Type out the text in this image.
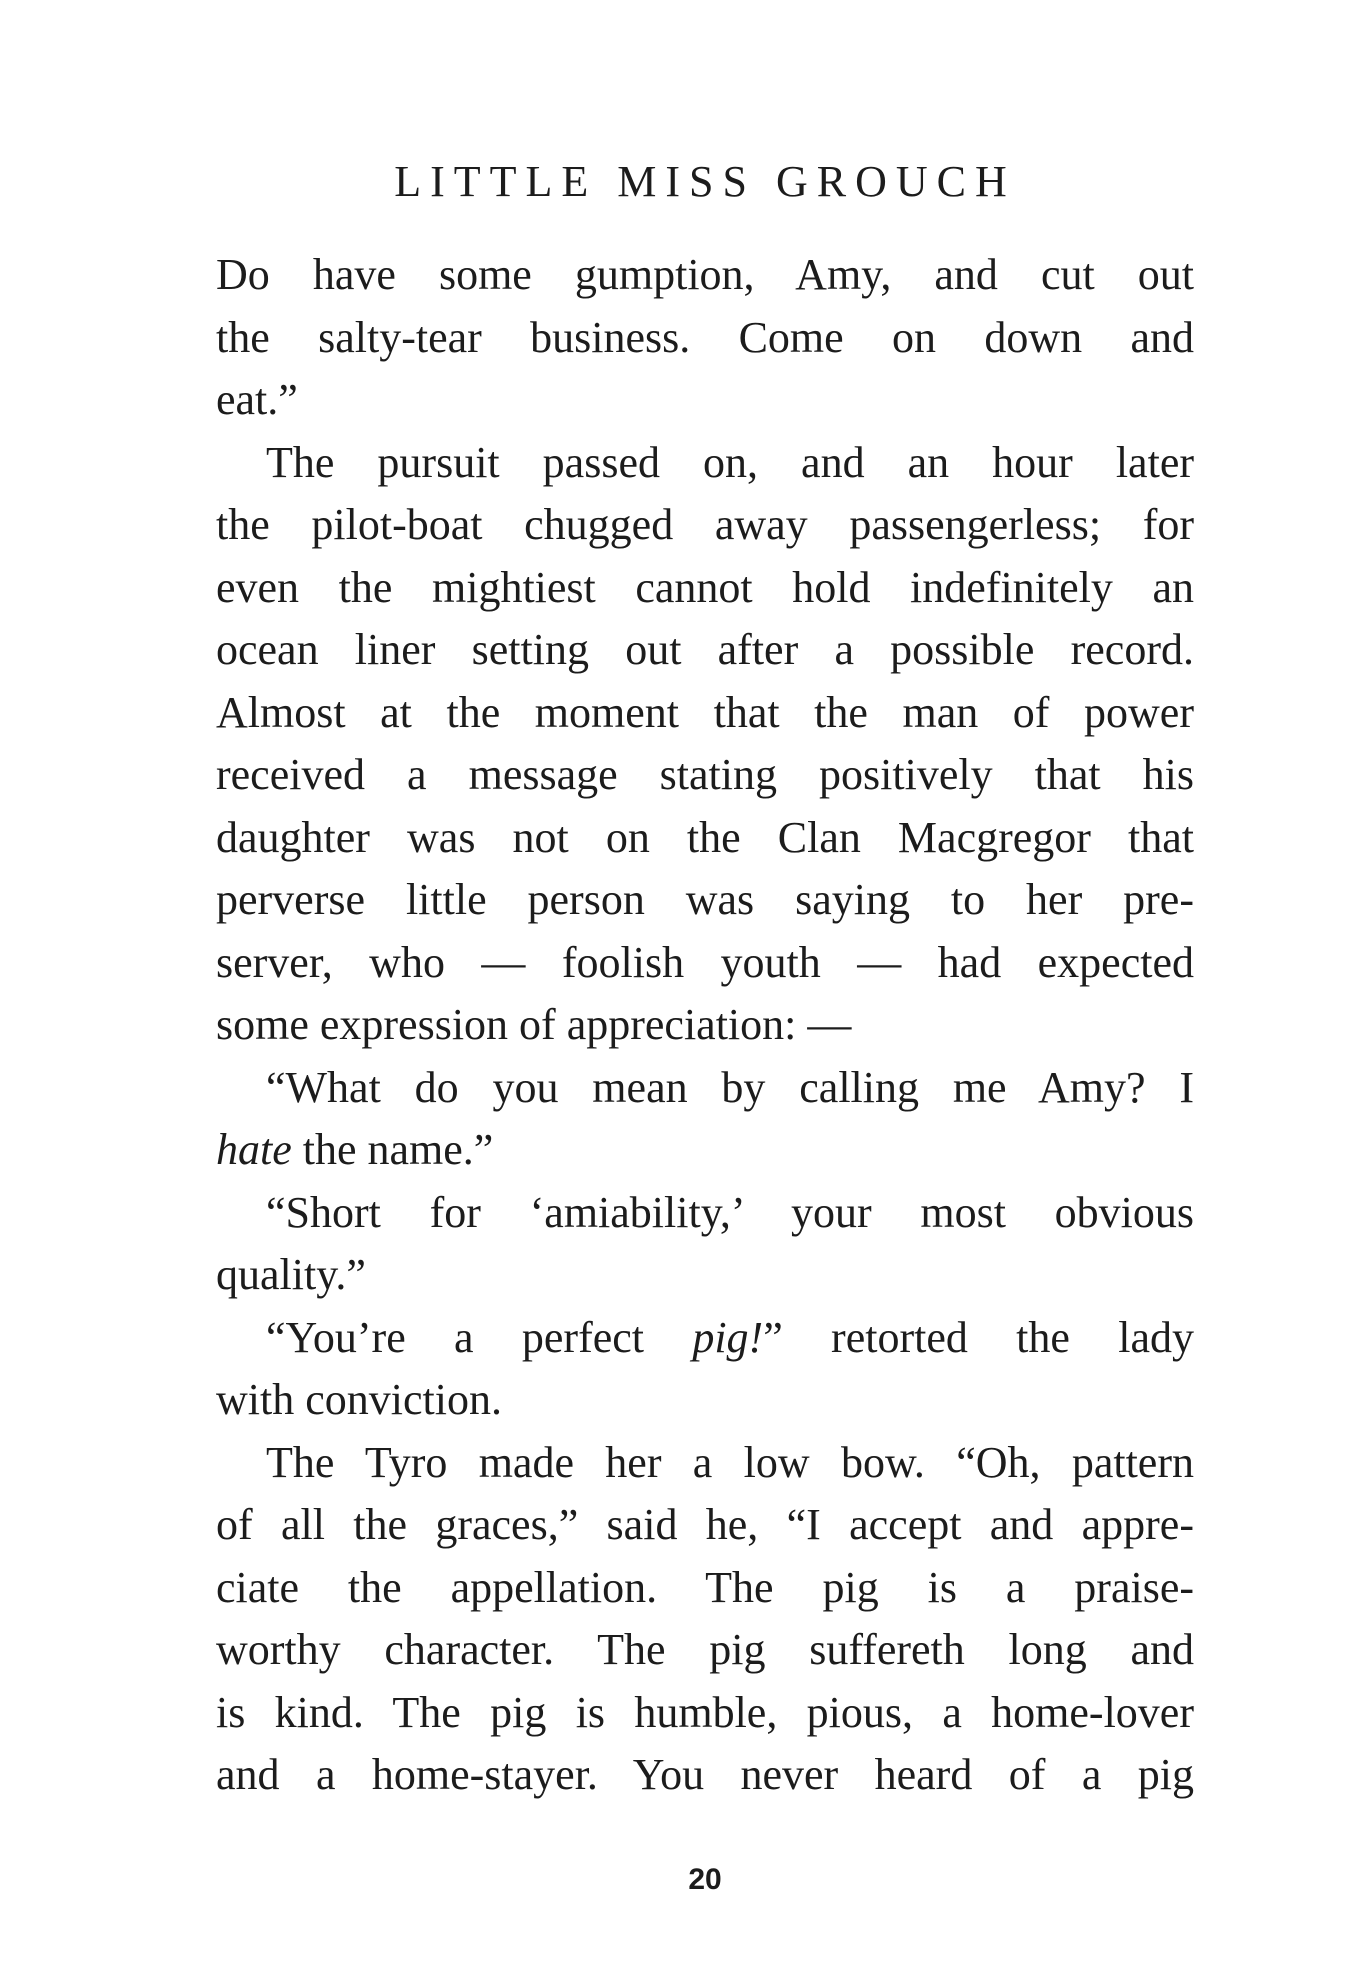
LITTLE MISS GROUCH
Do have some gumption, Amy, and cut out
the salty-tear business. Come on down and
eat.”
The pursuit passed on, and an hour later
the pilot-boat chugged away passengerless; for
even the mightiest cannot hold indefinitely an
ocean liner setting out after a possible record.
Almost at the moment that the man of power
received a message stating positively that his
daughter was not on the Clan Macgregor that
perverse little person was saying to her pre-
server, who — foolish youth — had expected
some expression of appreciation: —
“What do you mean by calling me Amy? I
hate the name.”
“Short for ‘amiability,’ your most obvious
quality.”
“You’re a perfect pig!” retorted the lady
with conviction.
The Tyro made her a low bow. “Oh, pattern
of all the graces,” said he, “I accept and appre-
ciate the appellation. The pig is a praise-
worthy character. The pig suffereth long and
is kind. The pig is humble, pious, a home-lover
and a home-stayer. You never heard of a pig
20
